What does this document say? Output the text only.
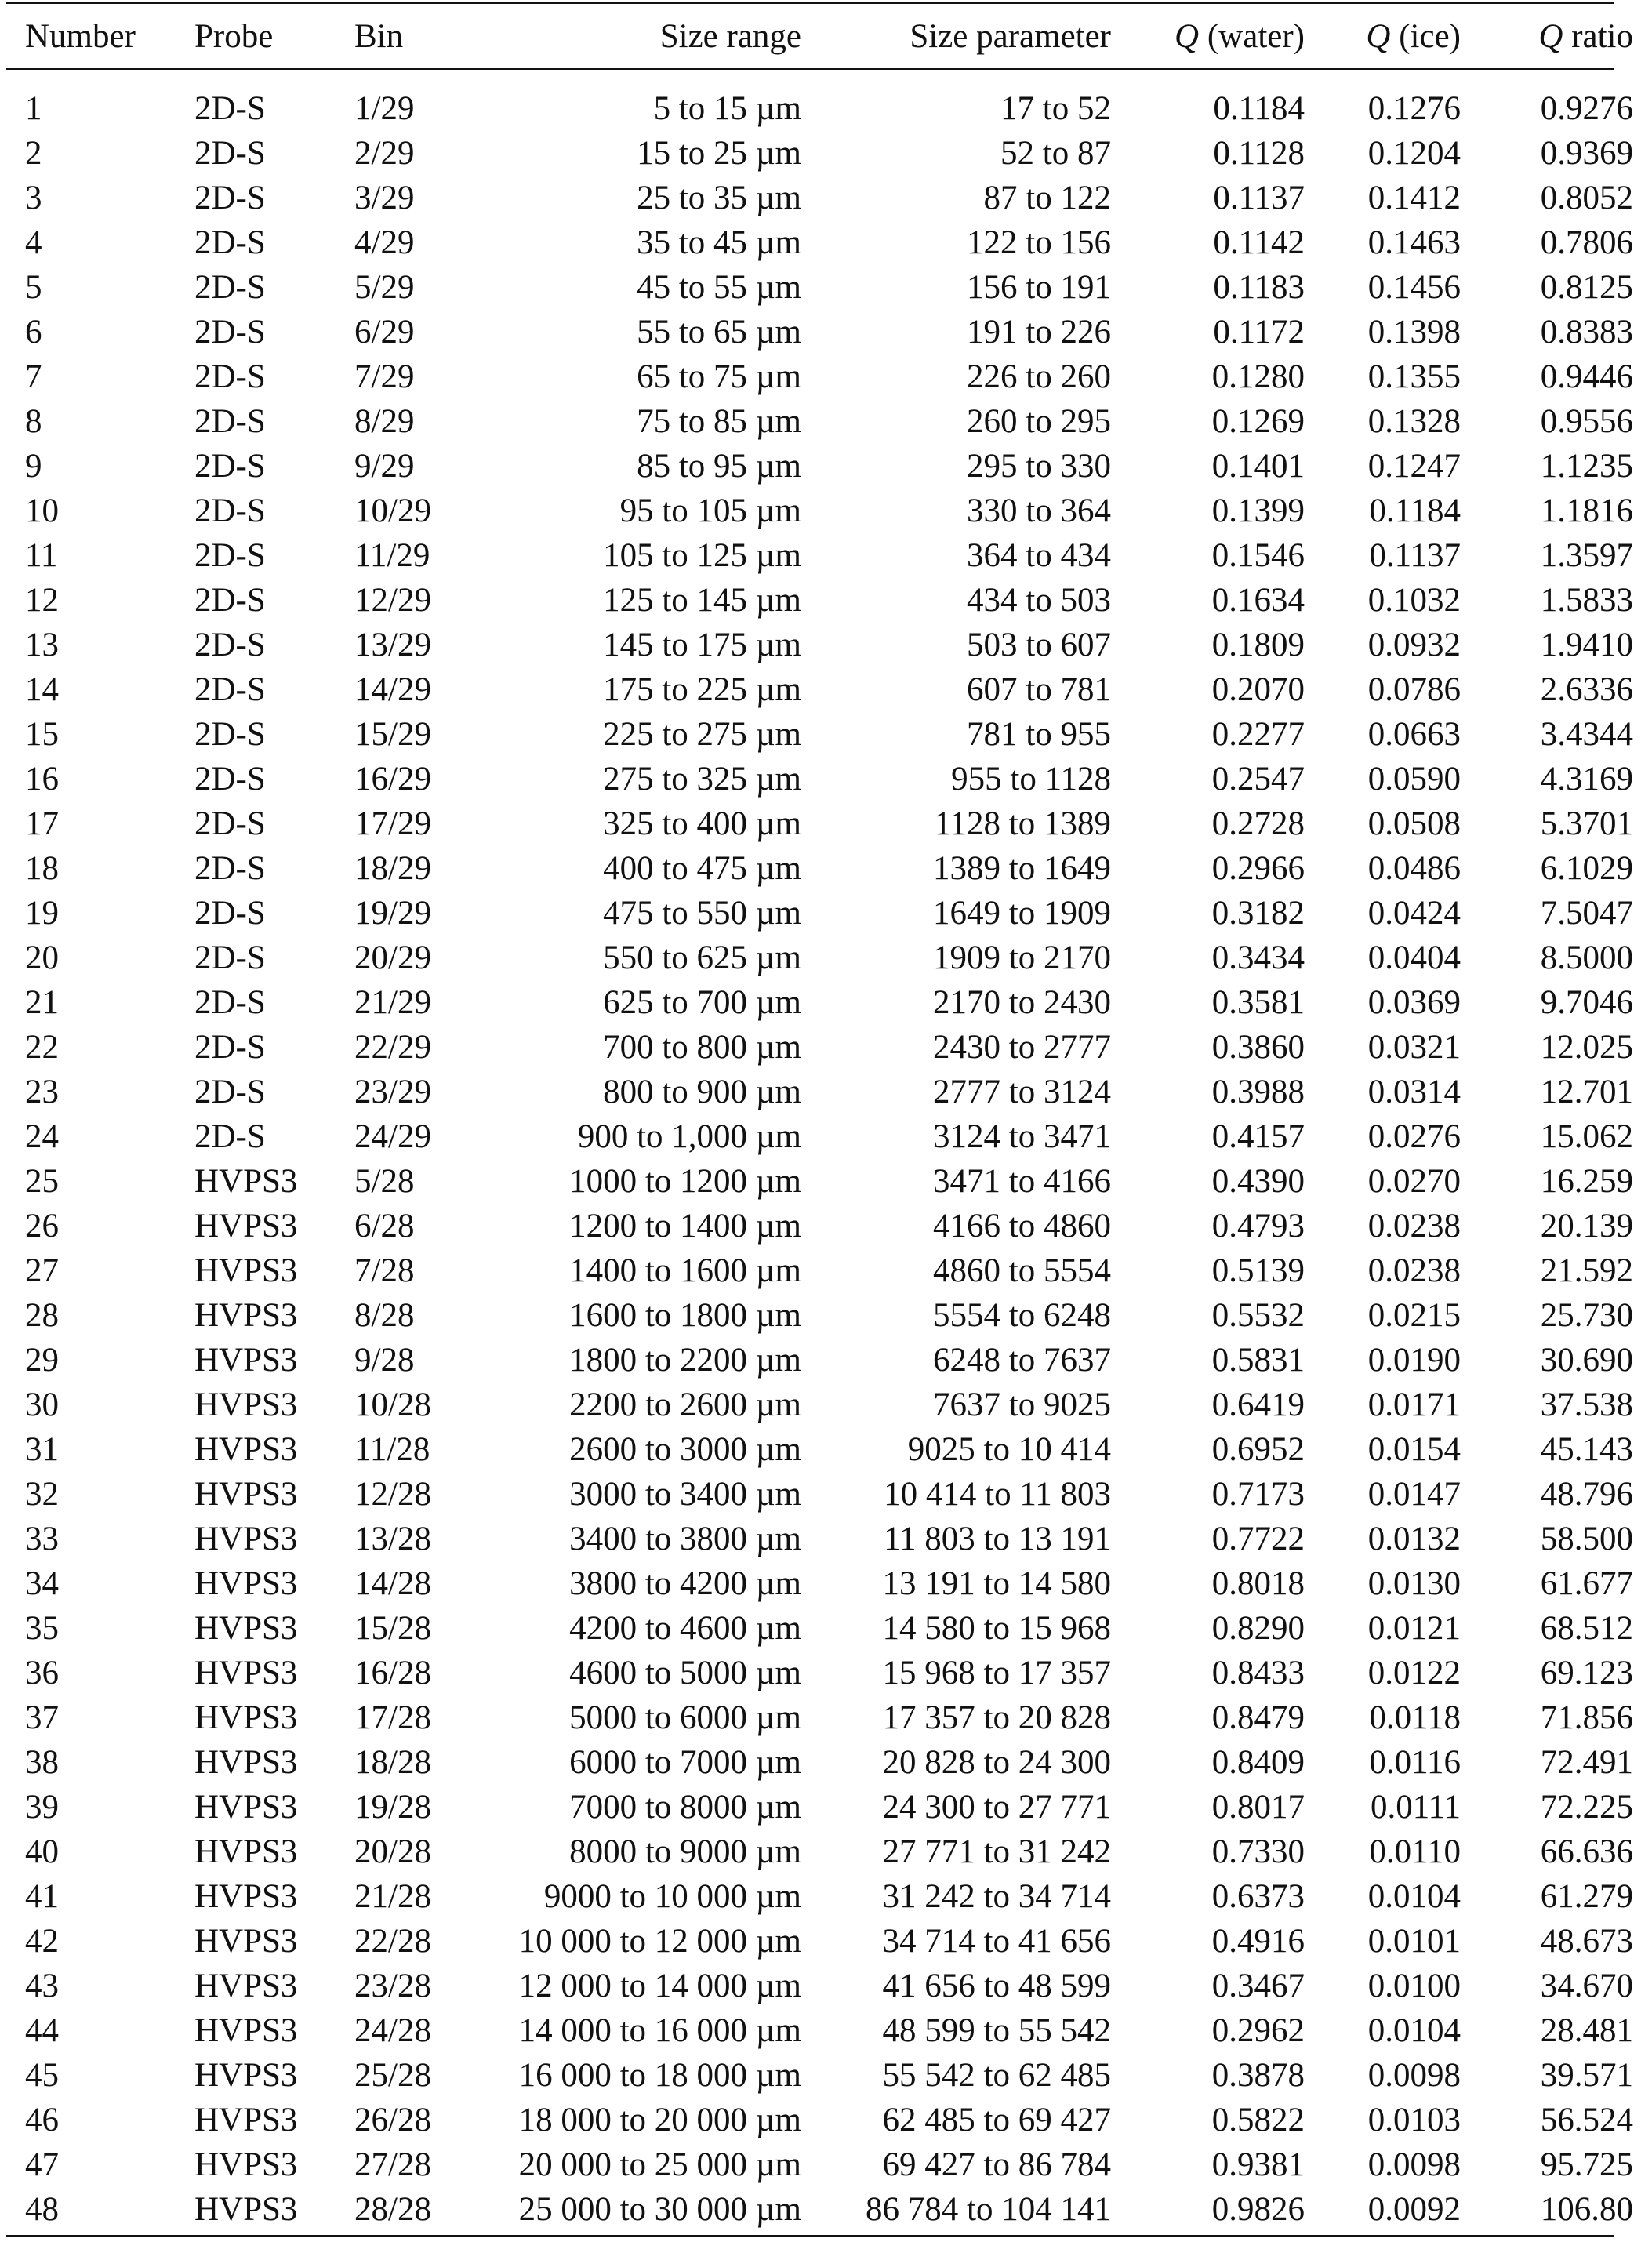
Number	Probe	Bin	Size range	Size parameter	Q (water)	Q (ice)	Q ratio

1	2D-S	1/29	5 to 15 µm	17 to 52	0.1184	0.1276	0.9276
2	2D-S	2/29	15 to 25 µm	52 to 87	0.1128	0.1204	0.9369
3	2D-S	3/29	25 to 35 µm	87 to 122	0.1137	0.1412	0.8052
4	2D-S	4/29	35 to 45 µm	122 to 156	0.1142	0.1463	0.7806
5	2D-S	5/29	45 to 55 µm	156 to 191	0.1183	0.1456	0.8125
6	2D-S	6/29	55 to 65 µm	191 to 226	0.1172	0.1398	0.8383
7	2D-S	7/29	65 to 75 µm	226 to 260	0.1280	0.1355	0.9446
8	2D-S	8/29	75 to 85 µm	260 to 295	0.1269	0.1328	0.9556
9	2D-S	9/29	85 to 95 µm	295 to 330	0.1401	0.1247	1.1235
10	2D-S	10/29	95 to 105 µm	330 to 364	0.1399	0.1184	1.1816
11	2D-S	11/29	105 to 125 µm	364 to 434	0.1546	0.1137	1.3597
12	2D-S	12/29	125 to 145 µm	434 to 503	0.1634	0.1032	1.5833
13	2D-S	13/29	145 to 175 µm	503 to 607	0.1809	0.0932	1.9410
14	2D-S	14/29	175 to 225 µm	607 to 781	0.2070	0.0786	2.6336
15	2D-S	15/29	225 to 275 µm	781 to 955	0.2277	0.0663	3.4344
16	2D-S	16/29	275 to 325 µm	955 to 1128	0.2547	0.0590	4.3169
17	2D-S	17/29	325 to 400 µm	1128 to 1389	0.2728	0.0508	5.3701
18	2D-S	18/29	400 to 475 µm	1389 to 1649	0.2966	0.0486	6.1029
19	2D-S	19/29	475 to 550 µm	1649 to 1909	0.3182	0.0424	7.5047
20	2D-S	20/29	550 to 625 µm	1909 to 2170	0.3434	0.0404	8.5000
21	2D-S	21/29	625 to 700 µm	2170 to 2430	0.3581	0.0369	9.7046
22	2D-S	22/29	700 to 800 µm	2430 to 2777	0.3860	0.0321	12.025
23	2D-S	23/29	800 to 900 µm	2777 to 3124	0.3988	0.0314	12.701
24	2D-S	24/29	900 to 1,000 µm	3124 to 3471	0.4157	0.0276	15.062
25	HVPS3	5/28	1000 to 1200 µm	3471 to 4166	0.4390	0.0270	16.259
26	HVPS3	6/28	1200 to 1400 µm	4166 to 4860	0.4793	0.0238	20.139
27	HVPS3	7/28	1400 to 1600 µm	4860 to 5554	0.5139	0.0238	21.592
28	HVPS3	8/28	1600 to 1800 µm	5554 to 6248	0.5532	0.0215	25.730
29	HVPS3	9/28	1800 to 2200 µm	6248 to 7637	0.5831	0.0190	30.690
30	HVPS3	10/28	2200 to 2600 µm	7637 to 9025	0.6419	0.0171	37.538
31	HVPS3	11/28	2600 to 3000 µm	9025 to 10 414	0.6952	0.0154	45.143
32	HVPS3	12/28	3000 to 3400 µm	10 414 to 11 803	0.7173	0.0147	48.796
33	HVPS3	13/28	3400 to 3800 µm	11 803 to 13 191	0.7722	0.0132	58.500
34	HVPS3	14/28	3800 to 4200 µm	13 191 to 14 580	0.8018	0.0130	61.677
35	HVPS3	15/28	4200 to 4600 µm	14 580 to 15 968	0.8290	0.0121	68.512
36	HVPS3	16/28	4600 to 5000 µm	15 968 to 17 357	0.8433	0.0122	69.123
37	HVPS3	17/28	5000 to 6000 µm	17 357 to 20 828	0.8479	0.0118	71.856
38	HVPS3	18/28	6000 to 7000 µm	20 828 to 24 300	0.8409	0.0116	72.491
39	HVPS3	19/28	7000 to 8000 µm	24 300 to 27 771	0.8017	0.0111	72.225
40	HVPS3	20/28	8000 to 9000 µm	27 771 to 31 242	0.7330	0.0110	66.636
41	HVPS3	21/28	9000 to 10 000 µm	31 242 to 34 714	0.6373	0.0104	61.279
42	HVPS3	22/28	10 000 to 12 000 µm	34 714 to 41 656	0.4916	0.0101	48.673
43	HVPS3	23/28	12 000 to 14 000 µm	41 656 to 48 599	0.3467	0.0100	34.670
44	HVPS3	24/28	14 000 to 16 000 µm	48 599 to 55 542	0.2962	0.0104	28.481
45	HVPS3	25/28	16 000 to 18 000 µm	55 542 to 62 485	0.3878	0.0098	39.571
46	HVPS3	26/28	18 000 to 20 000 µm	62 485 to 69 427	0.5822	0.0103	56.524
47	HVPS3	27/28	20 000 to 25 000 µm	69 427 to 86 784	0.9381	0.0098	95.725
48	HVPS3	28/28	25 000 to 30 000 µm	86 784 to 104 141	0.9826	0.0092	106.80
